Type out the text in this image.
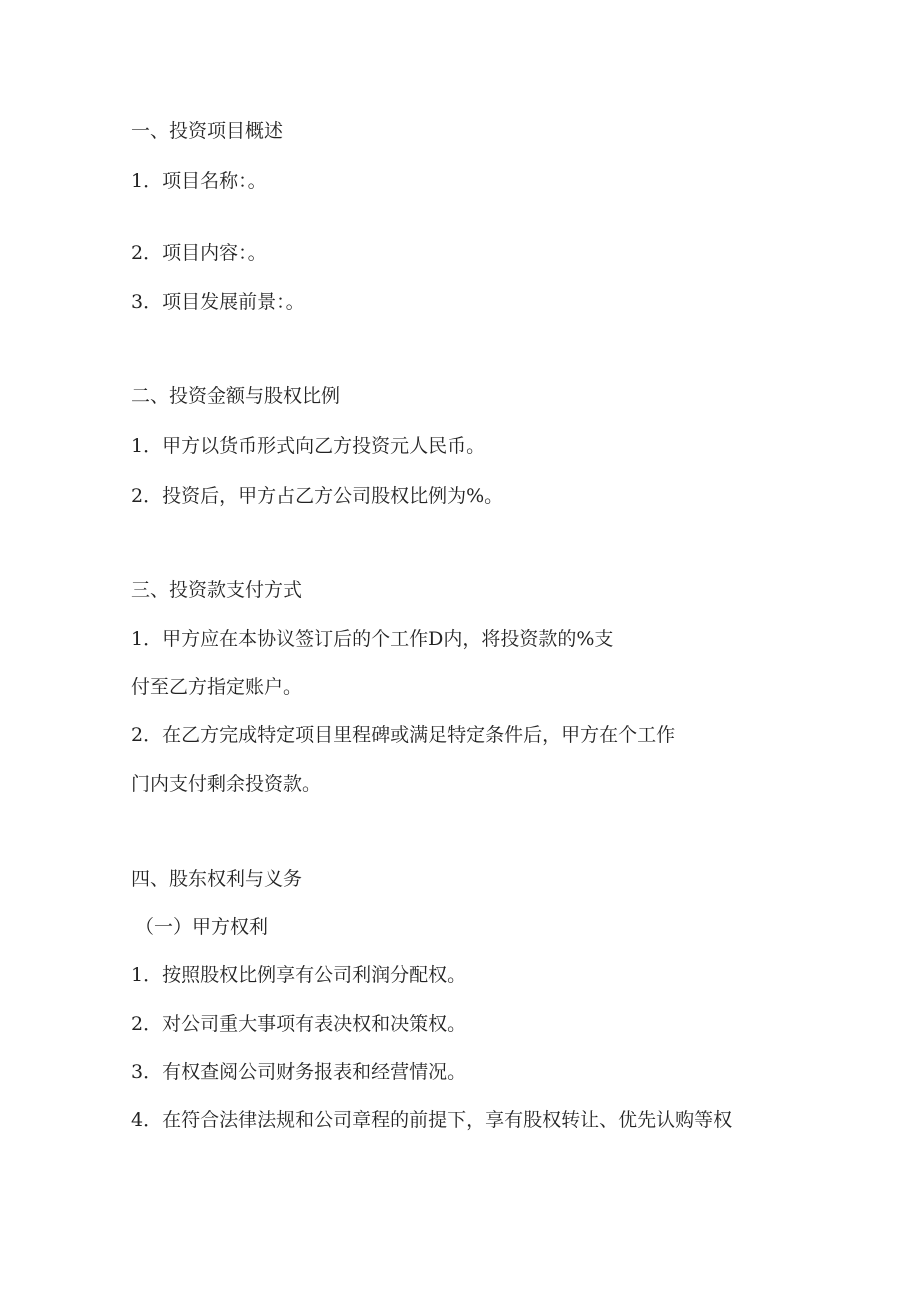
一、投资项目概述
1．项目名称：。
2．项目内容：。
3．项目发展前景：。
二、投资金额与股权比例
1．甲方以货币形式向乙方投资元人民币。
2．投资后，甲方占乙方公司股权比例为%。
三、投资款支付方式
1．甲方应在本协议签订后的个工作D内，将投资款的%支
付至乙方指定账户。
2．在乙方完成特定项目里程碑或满足特定条件后，甲方在个工作
门内支付剩余投资款。
四、股东权利与义务
（一）甲方权利
1．按照股权比例享有公司利润分配权。
2．对公司重大事项有表决权和决策权。
3．有权查阅公司财务报表和经营情况。
4．在符合法律法规和公司章程的前提下，享有股权转让、优先认购等权
